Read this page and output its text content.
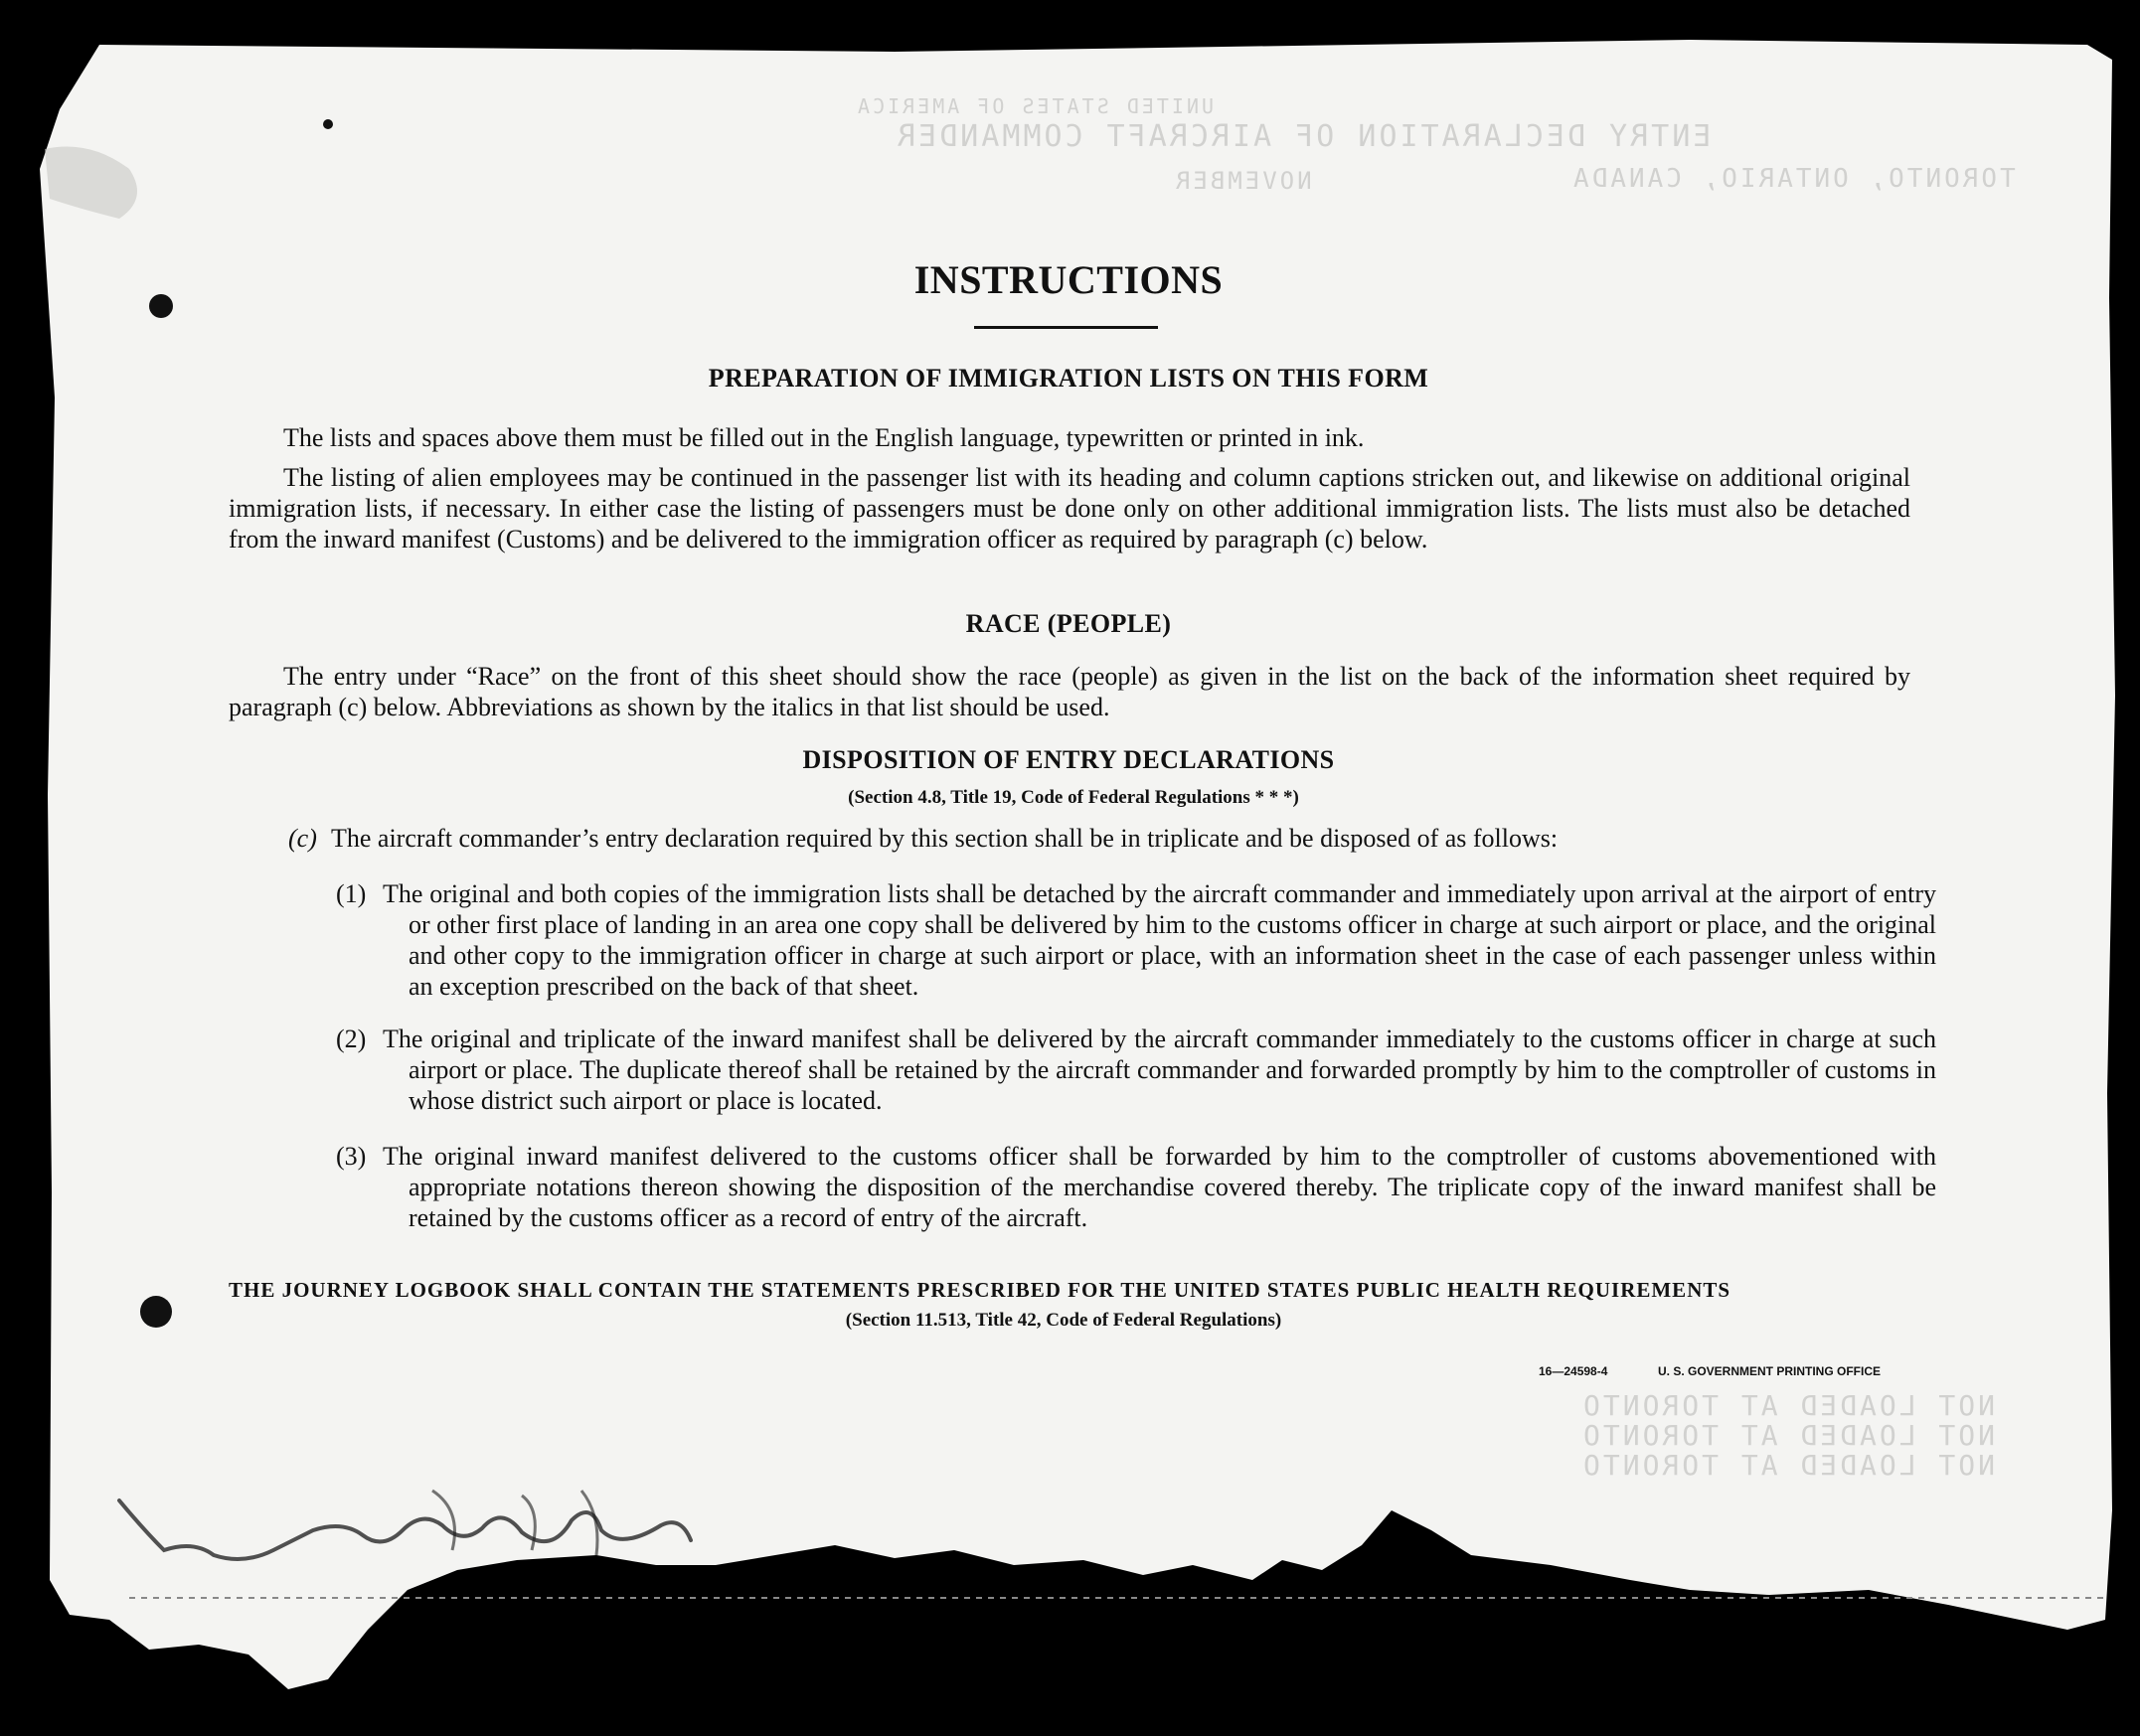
UNITED STATES OF AMERICA
ENTRY DECLARATION OF AIRCRAFT COMMANDER
TORONTO, ONTARIO, CANADA
NOVEMBER
NOT LOADED AT TORONTO
NOT LOADED AT TORONTO
NOT LOADED AT TORONTO
INSTRUCTIONS
PREPARATION OF IMMIGRATION LISTS ON THIS FORM

The lists and spaces above them must be filled out in the English language, typewritten or printed in ink.

The listing of alien employees may be continued in the passenger list with its heading and column captions stricken out, and likewise on additional original immigration lists, if necessary. In either case the listing of passengers must be done only on other additional immigration lists. The lists must also be detached from the inward manifest (Customs) and be delivered to the immigration officer as required by paragraph (c) below.

RACE (PEOPLE)

The entry under “Race” on the front of this sheet should show the race (people) as given in the list on the back of the information sheet required by paragraph (c) below. Abbreviations as shown by the italics in that list should be used.

DISPOSITION OF ENTRY DECLARATIONS
(Section 4.8, Title 19, Code of Federal Regulations * * *)
(c) The aircraft commander’s entry declaration required by this section shall be in triplicate and be disposed of as follows:

(1) The original and both copies of the immigration lists shall be detached by the aircraft commander and immediately upon arrival at the airport of entry or other first place of landing in an area one copy shall be delivered by him to the customs officer in charge at such airport or place, and the original and other copy to the immigration officer in charge at such airport or place, with an information sheet in the case of each passenger unless within an exception prescribed on the back of that sheet.

(2) The original and triplicate of the inward manifest shall be delivered by the aircraft commander immediately to the customs officer in charge at such airport or place. The duplicate thereof shall be retained by the aircraft commander and forwarded promptly by him to the comptroller of customs in whose district such airport or place is located.

(3) The original inward manifest delivered to the customs officer shall be forwarded by him to the comptroller of customs abovementioned with appropriate notations thereon showing the disposition of the merchandise covered thereby. The triplicate copy of the inward manifest shall be retained by the customs officer as a record of entry of the aircraft.

THE JOURNEY LOGBOOK SHALL CONTAIN THE STATEMENTS PRESCRIBED FOR THE UNITED STATES PUBLIC HEALTH REQUIREMENTS
(Section 11.513, Title 42, Code of Federal Regulations)
16—24598-4	U. S. GOVERNMENT PRINTING OFFICE
